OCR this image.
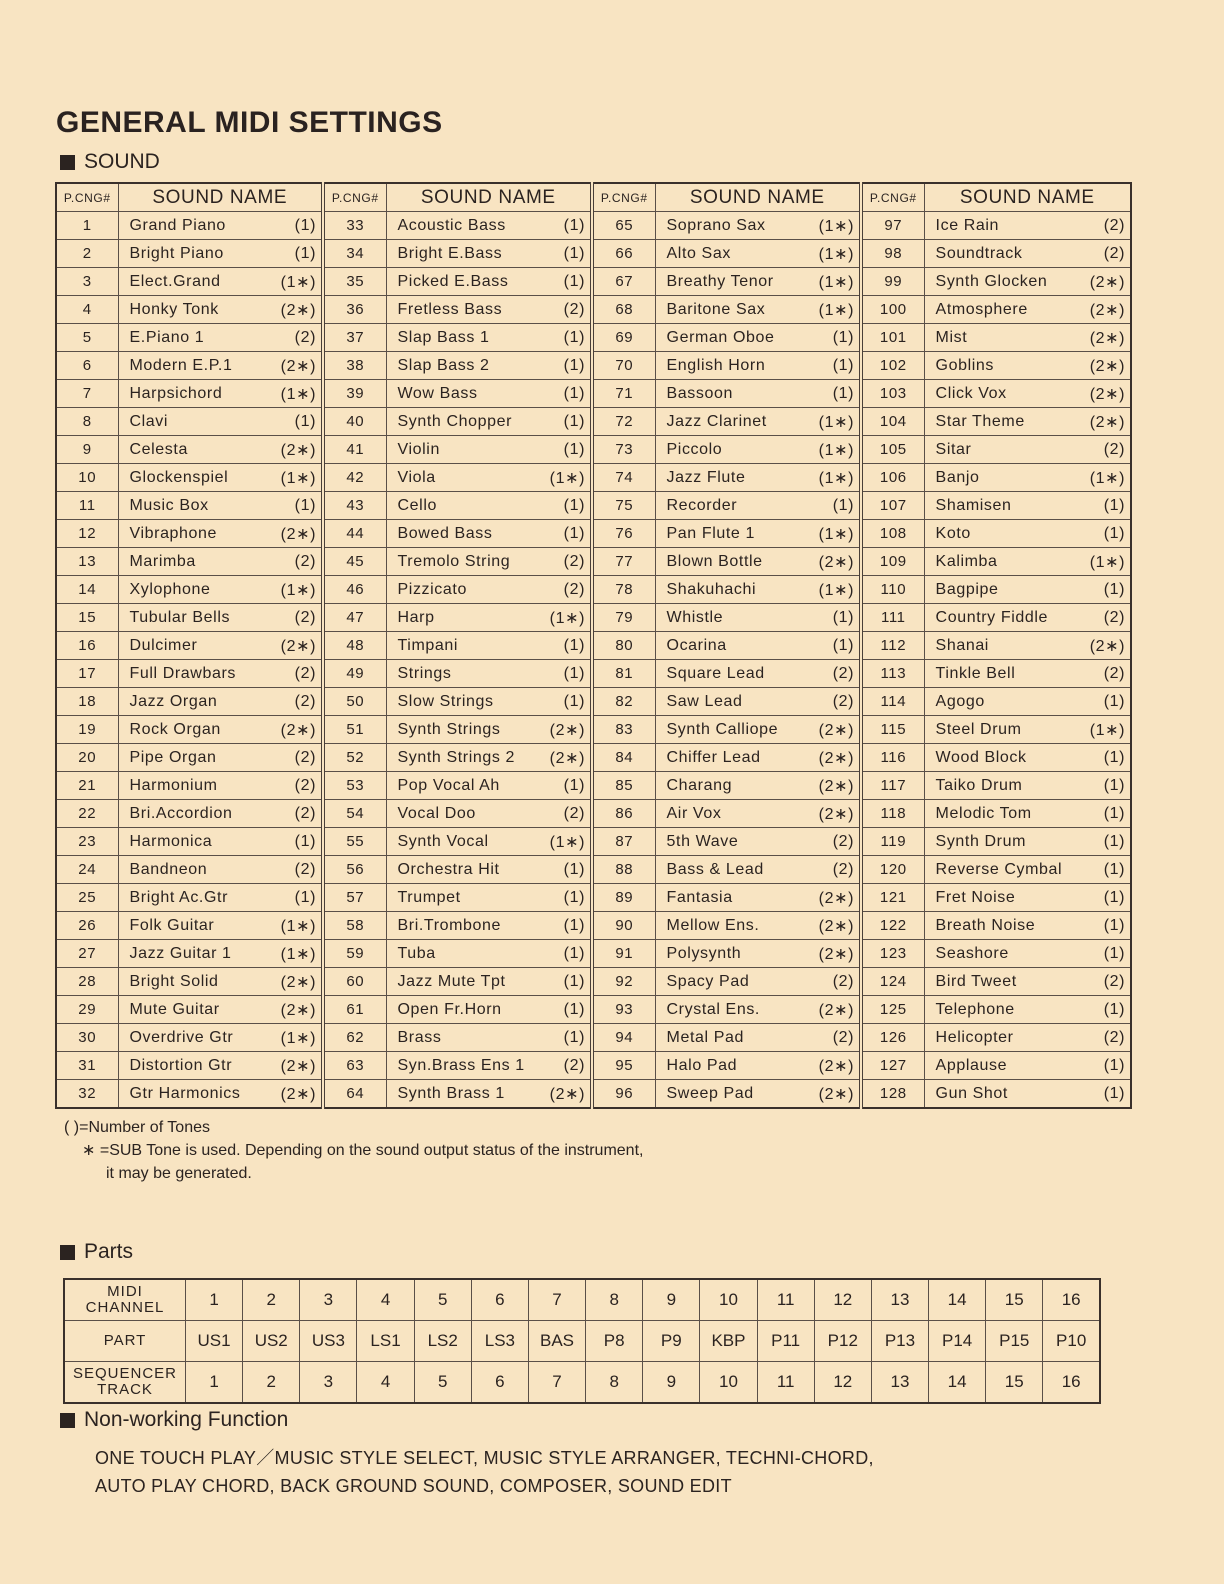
GENERAL MIDI SETTINGS
SOUND
P.CNG#	SOUND NAME		P.CNG#	SOUND NAME		P.CNG#	SOUND NAME		P.CNG#	SOUND NAME	
1	Grand Piano	(1)	33	Acoustic Bass	(1)	65	Soprano Sax	(1∗)	97	Ice Rain	(2)
2	Bright Piano	(1)	34	Bright E.Bass	(1)	66	Alto Sax	(1∗)	98	Soundtrack	(2)
3	Elect.Grand	(1∗)	35	Picked E.Bass	(1)	67	Breathy Tenor	(1∗)	99	Synth Glocken	(2∗)
4	Honky Tonk	(2∗)	36	Fretless Bass	(2)	68	Baritone Sax	(1∗)	100	Atmosphere	(2∗)
5	E.Piano 1	(2)	37	Slap Bass 1	(1)	69	German Oboe	(1)	101	Mist	(2∗)
6	Modern E.P.1	(2∗)	38	Slap Bass 2	(1)	70	English Horn	(1)	102	Goblins	(2∗)
7	Harpsichord	(1∗)	39	Wow Bass	(1)	71	Bassoon	(1)	103	Click Vox	(2∗)
8	Clavi	(1)	40	Synth Chopper	(1)	72	Jazz Clarinet	(1∗)	104	Star Theme	(2∗)
9	Celesta	(2∗)	41	Violin	(1)	73	Piccolo	(1∗)	105	Sitar	(2)
10	Glockenspiel	(1∗)	42	Viola	(1∗)	74	Jazz Flute	(1∗)	106	Banjo	(1∗)
11	Music Box	(1)	43	Cello	(1)	75	Recorder	(1)	107	Shamisen	(1)
12	Vibraphone	(2∗)	44	Bowed Bass	(1)	76	Pan Flute 1	(1∗)	108	Koto	(1)
13	Marimba	(2)	45	Tremolo String	(2)	77	Blown Bottle	(2∗)	109	Kalimba	(1∗)
14	Xylophone	(1∗)	46	Pizzicato	(2)	78	Shakuhachi	(1∗)	110	Bagpipe	(1)
15	Tubular Bells	(2)	47	Harp	(1∗)	79	Whistle	(1)	111	Country Fiddle	(2)
16	Dulcimer	(2∗)	48	Timpani	(1)	80	Ocarina	(1)	112	Shanai	(2∗)
17	Full Drawbars	(2)	49	Strings	(1)	81	Square Lead	(2)	113	Tinkle Bell	(2)
18	Jazz Organ	(2)	50	Slow Strings	(1)	82	Saw Lead	(2)	114	Agogo	(1)
19	Rock Organ	(2∗)	51	Synth Strings	(2∗)	83	Synth Calliope	(2∗)	115	Steel Drum	(1∗)
20	Pipe Organ	(2)	52	Synth Strings 2	(2∗)	84	Chiffer Lead	(2∗)	116	Wood Block	(1)
21	Harmonium	(2)	53	Pop Vocal Ah	(1)	85	Charang	(2∗)	117	Taiko Drum	(1)
22	Bri.Accordion	(2)	54	Vocal Doo	(2)	86	Air Vox	(2∗)	118	Melodic Tom	(1)
23	Harmonica	(1)	55	Synth Vocal	(1∗)	87	5th Wave	(2)	119	Synth Drum	(1)
24	Bandneon	(2)	56	Orchestra Hit	(1)	88	Bass & Lead	(2)	120	Reverse Cymbal	(1)
25	Bright Ac.Gtr	(1)	57	Trumpet	(1)	89	Fantasia	(2∗)	121	Fret Noise	(1)
26	Folk Guitar	(1∗)	58	Bri.Trombone	(1)	90	Mellow Ens.	(2∗)	122	Breath Noise	(1)
27	Jazz Guitar 1	(1∗)	59	Tuba	(1)	91	Polysynth	(2∗)	123	Seashore	(1)
28	Bright Solid	(2∗)	60	Jazz Mute Tpt	(1)	92	Spacy Pad	(2)	124	Bird Tweet	(2)
29	Mute Guitar	(2∗)	61	Open Fr.Horn	(1)	93	Crystal Ens.	(2∗)	125	Telephone	(1)
30	Overdrive Gtr	(1∗)	62	Brass	(1)	94	Metal Pad	(2)	126	Helicopter	(2)
31	Distortion Gtr	(2∗)	63	Syn.Brass Ens 1	(2)	95	Halo Pad	(2∗)	127	Applause	(1)
32	Gtr Harmonics	(2∗)	64	Synth Brass 1	(2∗)	96	Sweep Pad	(2∗)	128	Gun Shot	(1)
( )=Number of Tones
∗ =SUB Tone is used. Depending on the sound output status of the instrument,
it may be generated.
Parts
MIDI CHANNEL	1	2	3	4	5	6	7	8	9	10	11	12	13	14	15	16
PART	US1	US2	US3	LS1	LS2	LS3	BAS	P8	P9	KBP	P11	P12	P13	P14	P15	P10
SEQUENCER TRACK	1	2	3	4	5	6	7	8	9	10	11	12	13	14	15	16
Non-working Function
ONE TOUCH PLAY／MUSIC STYLE SELECT, MUSIC STYLE ARRANGER, TECHNI-CHORD,
AUTO PLAY CHORD, BACK GROUND SOUND, COMPOSER, SOUND EDIT
